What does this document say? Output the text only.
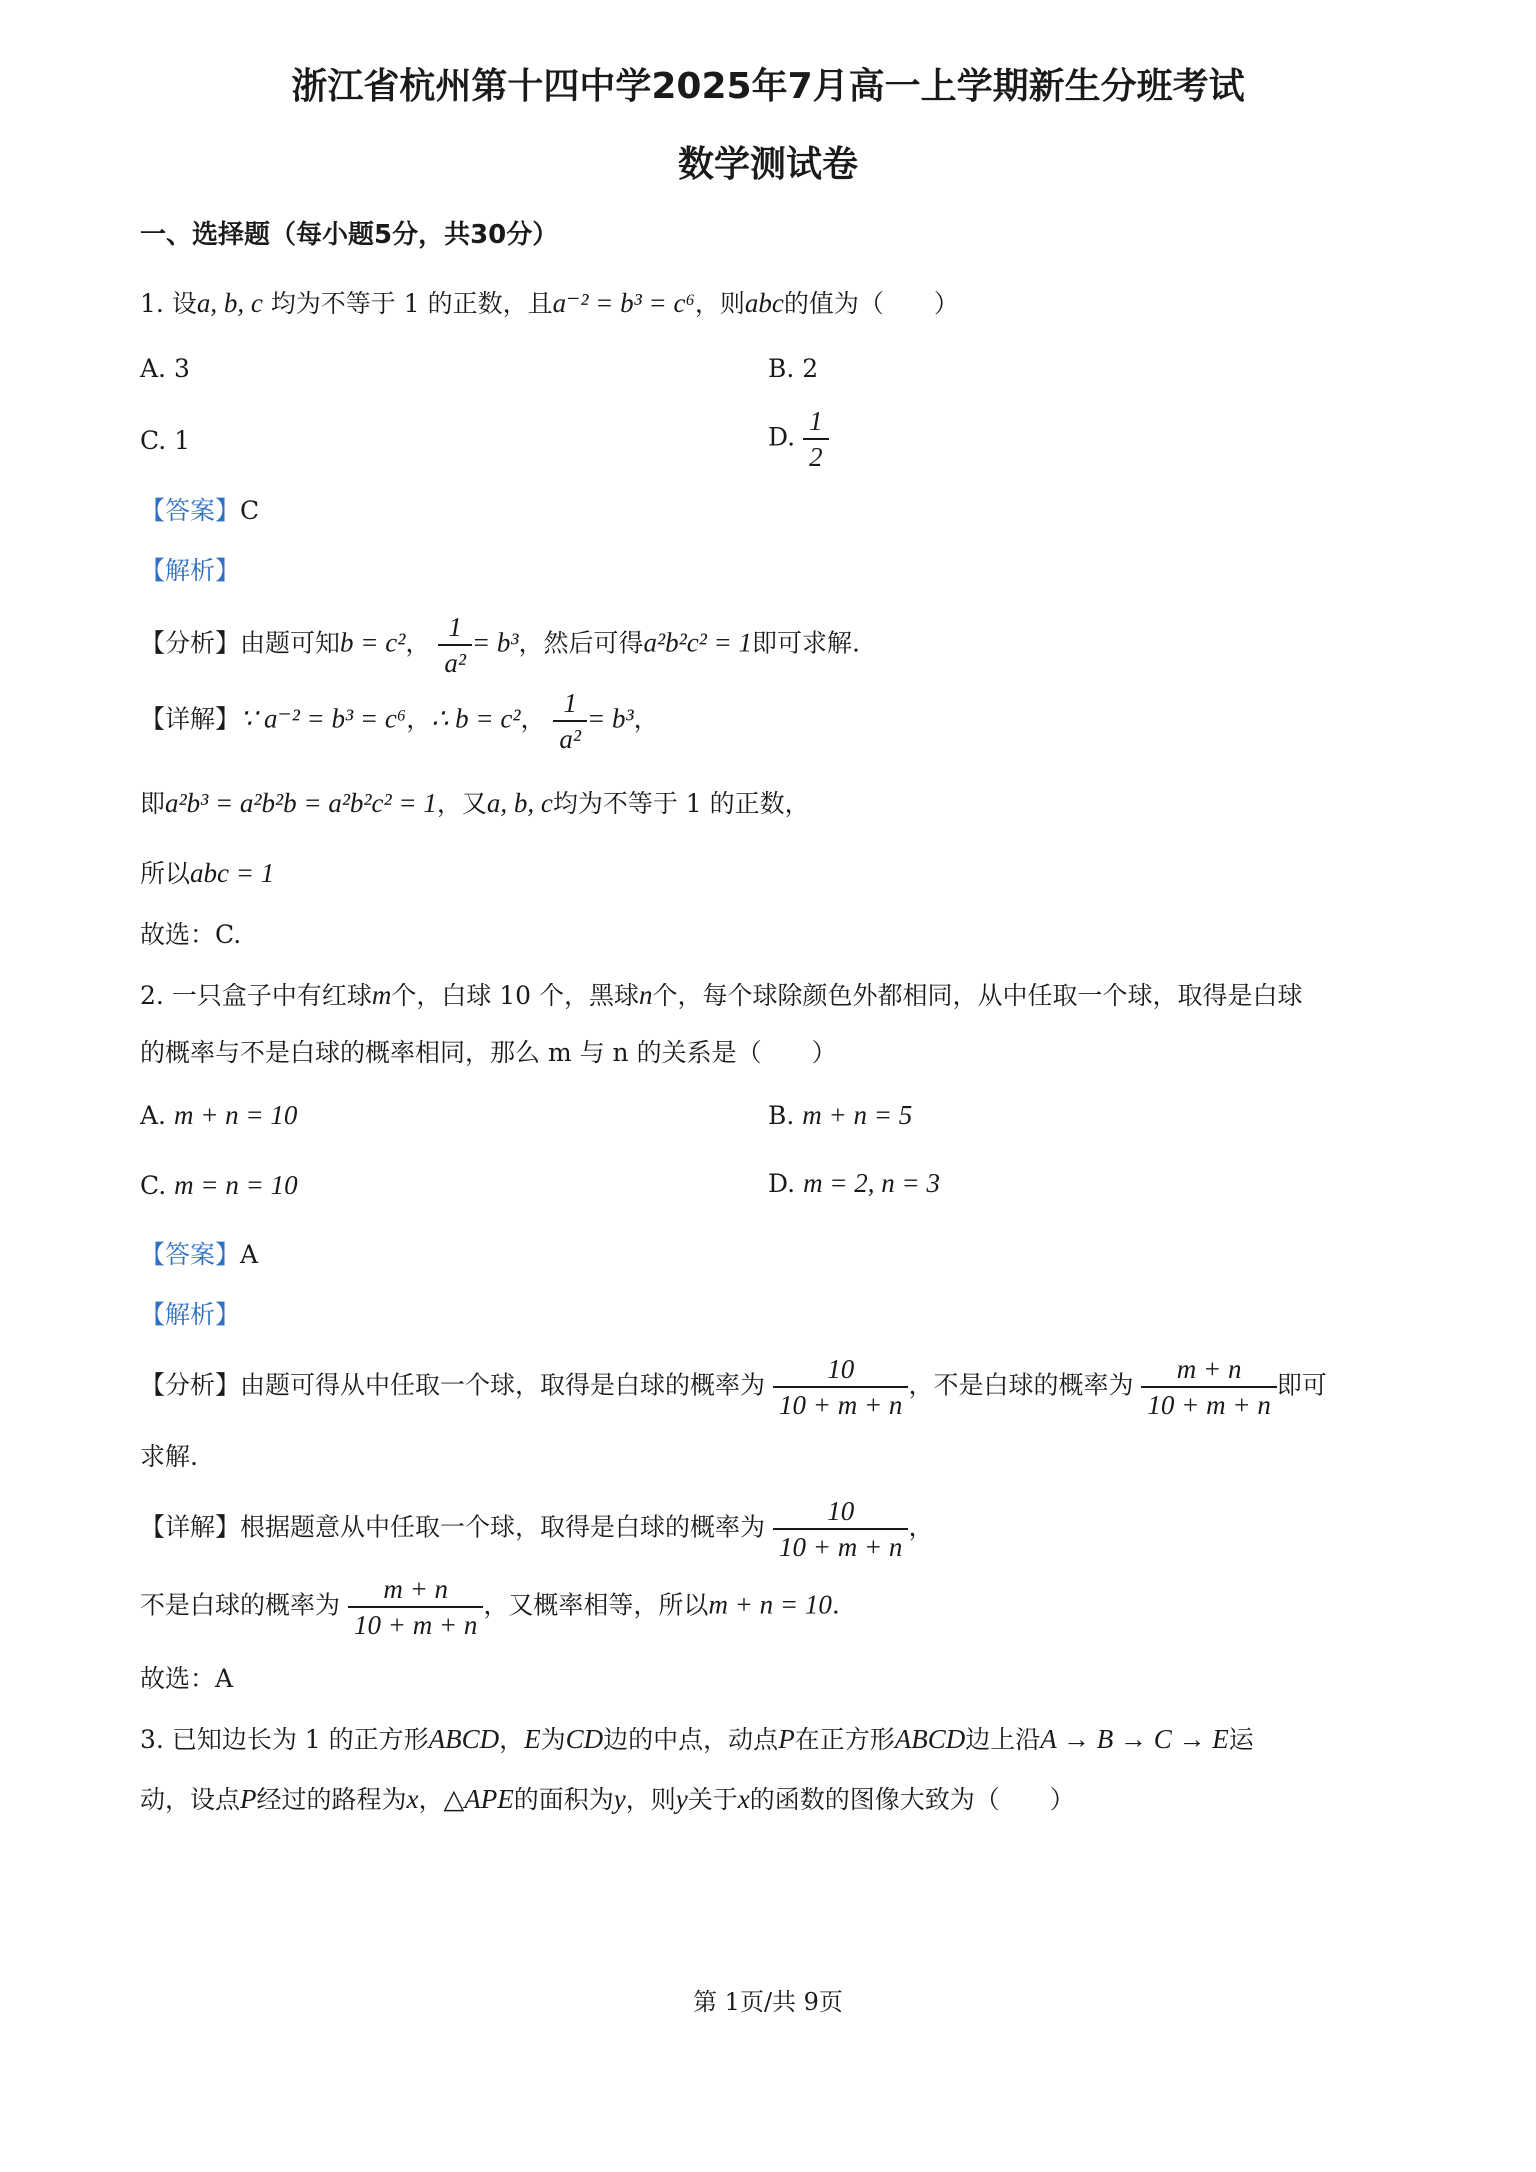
浙江省杭州第十四中学2025年7月高一上学期新生分班考试
数学测试卷
一、选择题（每小题5分，共30分）
1. 设a, b, c 均为不等于 1 的正数，且a⁻² = b³ = c⁶，则abc的值为（　　）
A. 3	B. 2
C. 1	D. $\frac{1}{2}$
【答案】C
【解析】
【分析】由题可知b = c²， $\frac{1}{\text{a²}} = b^3$，然后可得a²b²c² = 1即可求解.
【详解】∵ a⁻² = b³ = c⁶，∴ b = c²， $\frac{1}{\text{a²}} = b^3$，
即a²b³ = a²b²b = a²b²c² = 1，又a, b, c均为不等于 1 的正数，
所以abc = 1
故选：C.
2. 一只盒子中有红球m个，白球 10 个，黑球n个，每个球除颜色外都相同，从中任取一个球，取得是白球
的概率与不是白球的概率相同，那么 m 与 n 的关系是（　　）
A. m + n = 10	B. m + n = 5
C. m = n = 10	D. m = 2, n = 3
【答案】A
【解析】
【分析】由题可得从中任取一个球，取得是白球的概率为 $\frac{10}{10 + m + n}$ ，不是白球的概率为 $\frac{m + n}{10 + m + n}$ 即可
求解.
【详解】根据题意从中任取一个球，取得是白球的概率为 $\frac{10}{10 + m + n}$ ，
不是白球的概率为 $\frac{m + n}{10 + m + n}$ ，又概率相等，所以m + n = 10.
故选：A
3. 已知边长为 1 的正方形ABCD，E为CD边的中点，动点P在正方形ABCD边上沿A → B → C → E运
动，设点P经过的路程为x，△APE的面积为y，则y关于x的函数的图像大致为（　　）
第 1页/共 9页
